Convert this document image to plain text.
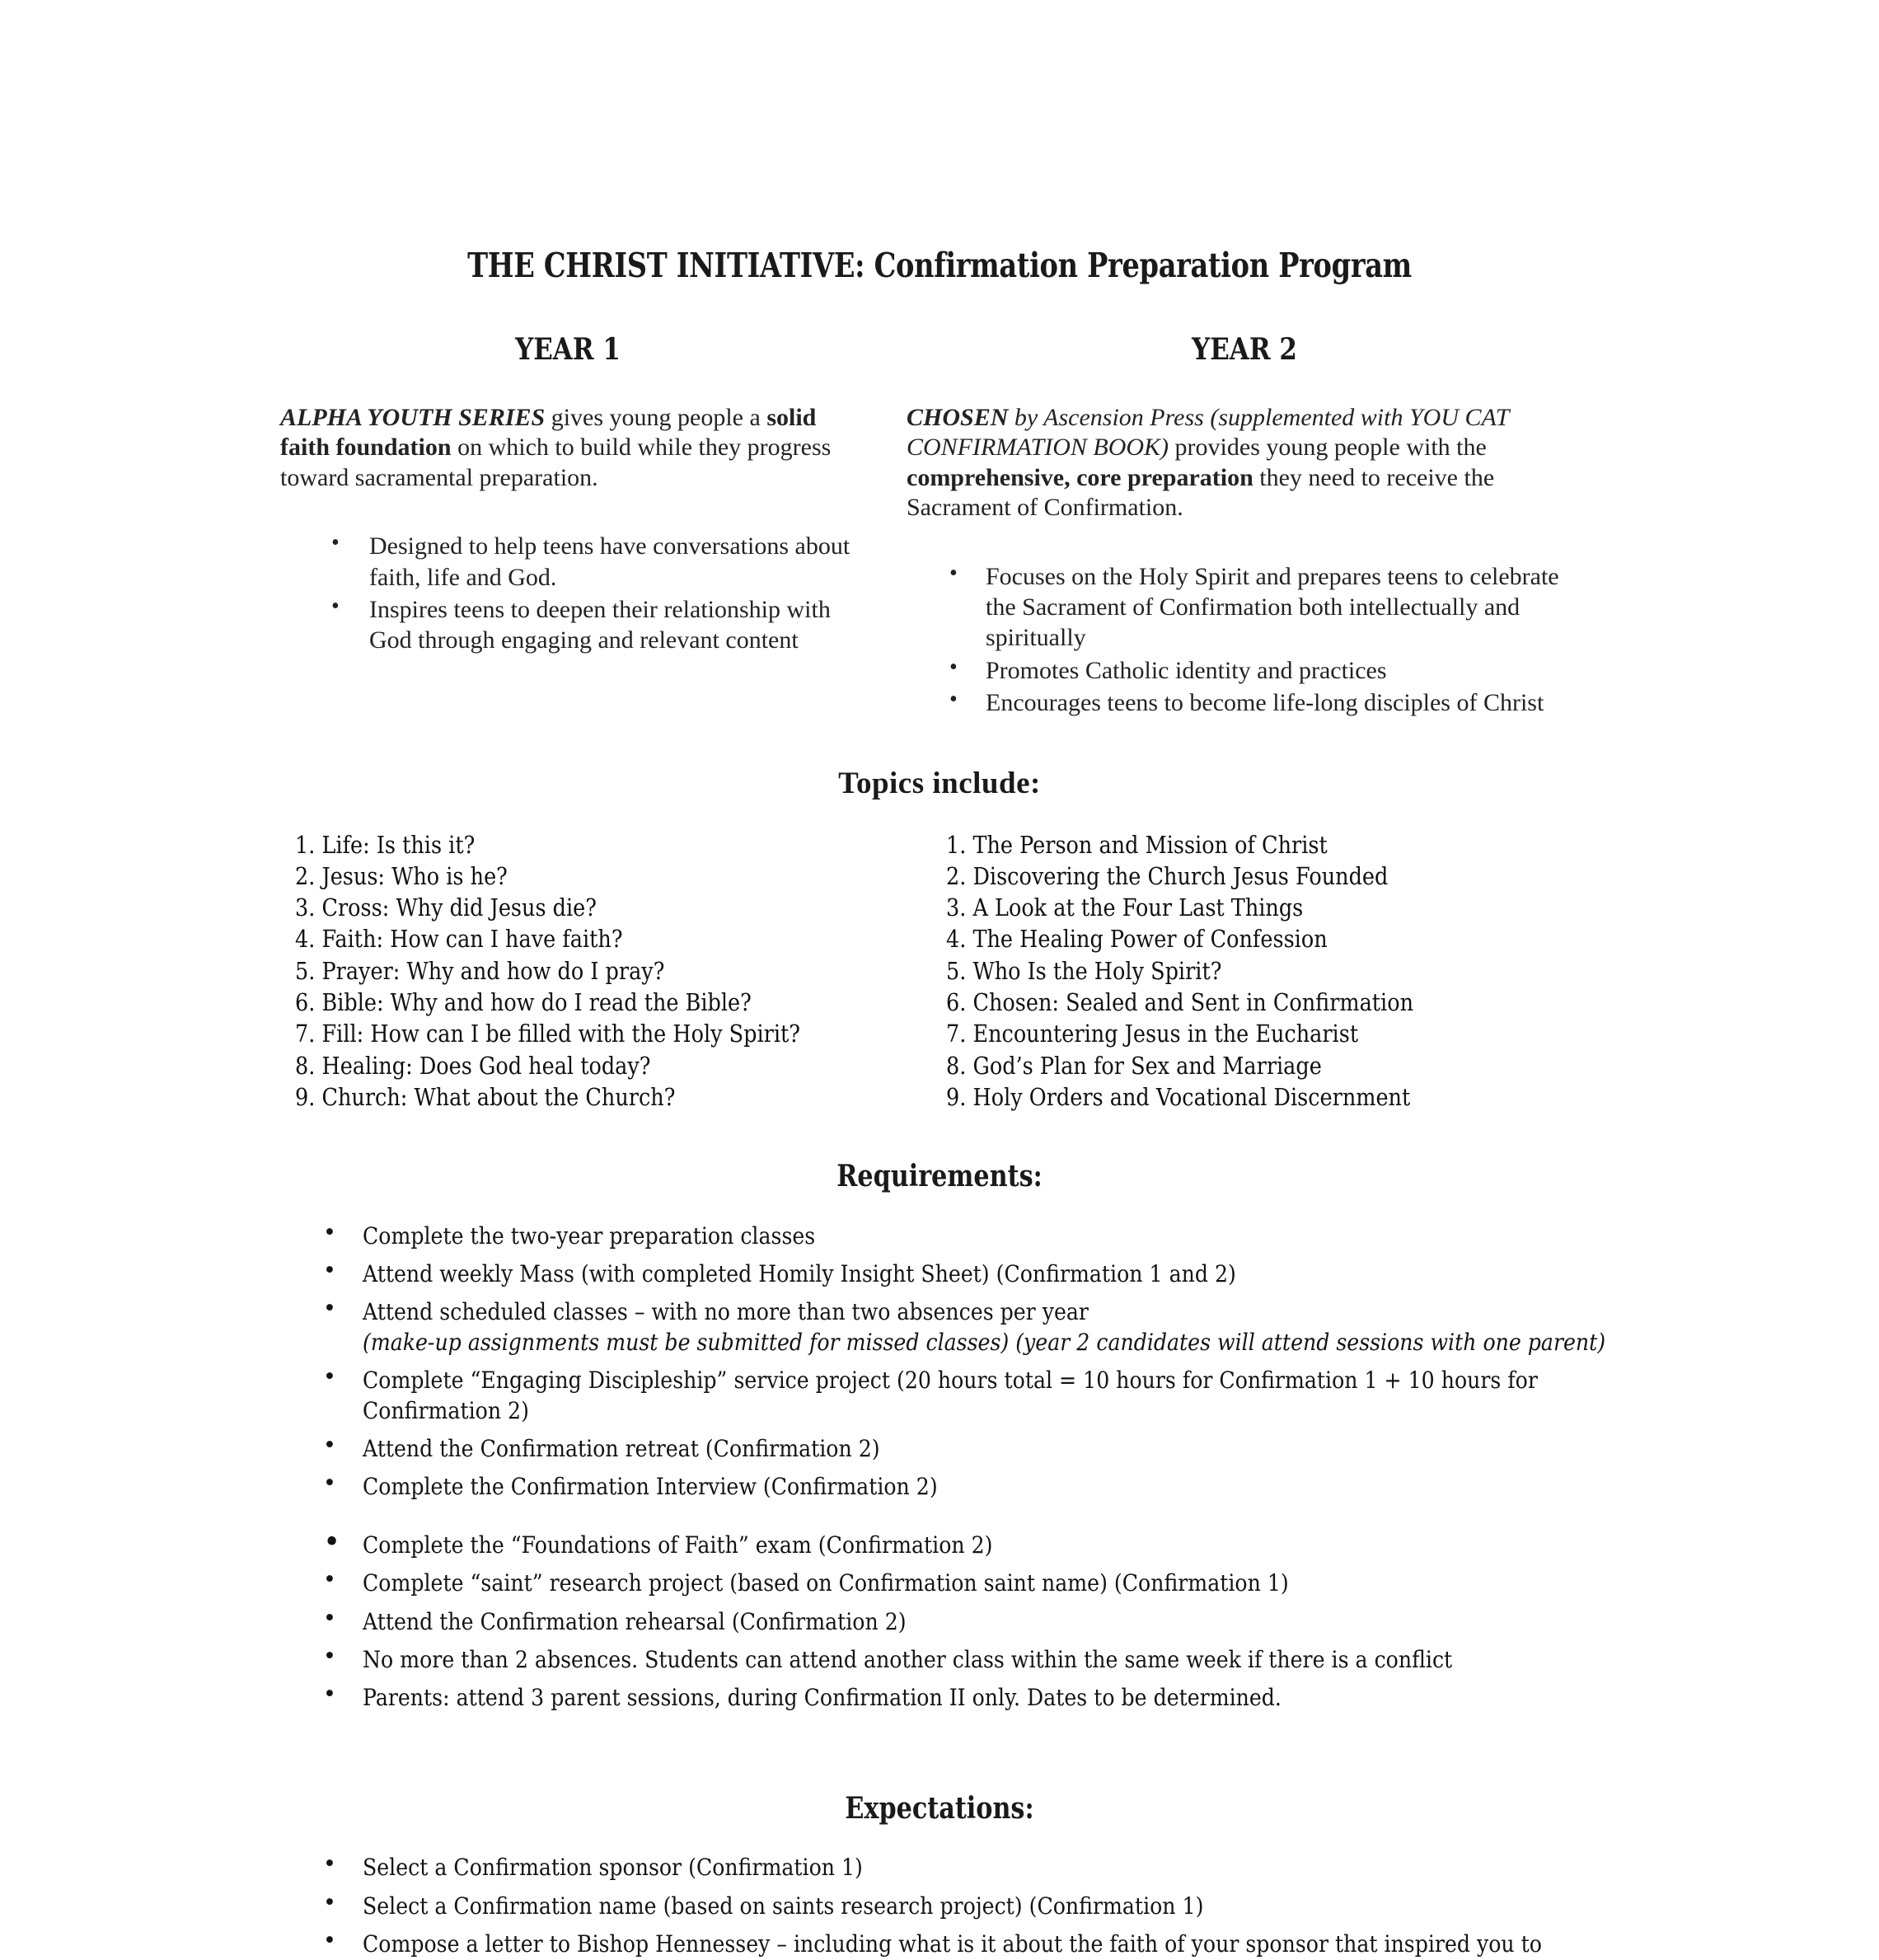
THE CHRIST INITIATIVE: Confirmation Preparation Program
YEAR 1

ALPHA YOUTH SERIES gives young people a solid faith foundation on which to build while they progress toward sacramental preparation.

• Designed to help teens have conversations about faith, life and God.
• Inspires teens to deepen their relationship with God through engaging and relevant content
YEAR 2

CHOSEN by Ascension Press (supplemented with YOU CAT CONFIRMATION BOOK) provides young people with the comprehensive, core preparation they need to receive the Sacrament of Confirmation.

• Focuses on the Holy Spirit and prepares teens to celebrate the Sacrament of Confirmation both intellectually and spiritually
• Promotes Catholic identity and practices
• Encourages teens to become life-long disciples of Christ
Topics include:
1. Life: Is this it?
2. Jesus: Who is he?
3. Cross: Why did Jesus die?
4. Faith: How can I have faith?
5. Prayer: Why and how do I pray?
6. Bible: Why and how do I read the Bible?
7. Fill: How can I be filled with the Holy Spirit?
8. Healing: Does God heal today?
9. Church: What about the Church?
1. The Person and Mission of Christ
2. Discovering the Church Jesus Founded
3. A Look at the Four Last Things
4. The Healing Power of Confession
5. Who Is the Holy Spirit?
6. Chosen: Sealed and Sent in Confirmation
7. Encountering Jesus in the Eucharist
8. God’s Plan for Sex and Marriage
9. Holy Orders and Vocational Discernment
Requirements:
• Complete the two-year preparation classes
• Attend weekly Mass (with completed Homily Insight Sheet) (Confirmation 1 and 2)
• Attend scheduled classes – with no more than two absences per year
(make-up assignments must be submitted for missed classes) (year 2 candidates will attend sessions with one parent)
• Complete “Engaging Discipleship” service project (20 hours total = 10 hours for Confirmation 1 + 10 hours for
Confirmation 2)
• Attend the Confirmation retreat (Confirmation 2)
• Complete the Confirmation Interview (Confirmation 2)
• Complete the “Foundations of Faith” exam (Confirmation 2)
• Complete “saint” research project (based on Confirmation saint name) (Confirmation 1)
• Attend the Confirmation rehearsal (Confirmation 2)
• No more than 2 absences. Students can attend another class within the same week if there is a conflict
• Parents: attend 3 parent sessions, during Confirmation II only. Dates to be determined.
Expectations:
• Select a Confirmation sponsor (Confirmation 1)
• Select a Confirmation name (based on saints research project) (Confirmation 1)
• Compose a letter to Bishop Hennessey – including what is it about the faith of your sponsor that inspired you to
